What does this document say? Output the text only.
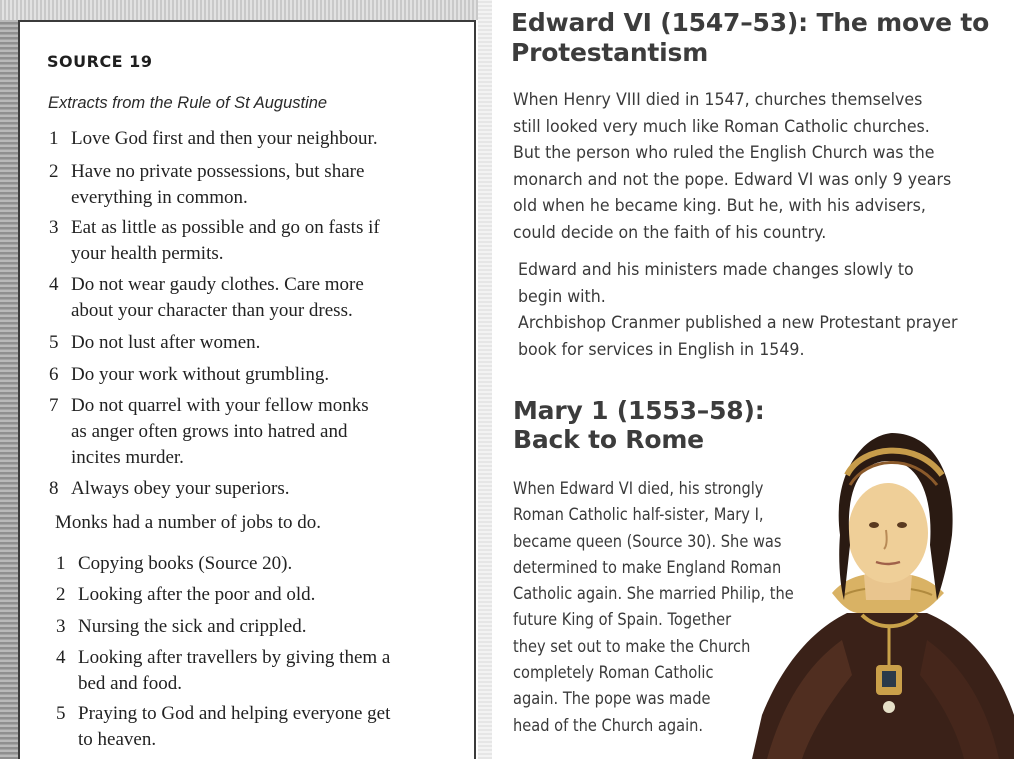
SOURCE 19
Extracts from the Rule of St Augustine
1 Love God first and then your neighbour.
2 Have no private possessions, but share
everything in common.
3 Eat as little as possible and go on fasts if
your health permits.
4 Do not wear gaudy clothes. Care more
about your character than your dress.
5 Do not lust after women.
6 Do your work without grumbling.
7 Do not quarrel with your fellow monks
as anger often grows into hatred and
incites murder.
8 Always obey your superiors.
Monks had a number of jobs to do.
1 Copying books (Source 20).
2 Looking after the poor and old.
3 Nursing the sick and crippled.
4 Looking after travellers by giving them a
bed and food.
5 Praying to God and helping everyone get
to heaven.
Edward VI (1547–53): The move to
Protestantism

When Henry VIII died in 1547, churches themselves
still looked very much like Roman Catholic churches.
But the person who ruled the English Church was the
monarch and not the pope. Edward VI was only 9 years
old when he became king. But he, with his advisers,
could decide on the faith of his country.

Edward and his ministers made changes slowly to
begin with.
Archbishop Cranmer published a new Protestant prayer
book for services in English in 1549.

Mary 1 (1553–58):
Back to Rome

When Edward VI died, his strongly
Roman Catholic half-sister, Mary I,
became queen (Source 30). She was
determined to make England Roman
Catholic again. She married Philip, the
future King of Spain. Together
they set out to make the Church
completely Roman Catholic
again. The pope was made
head of the Church again.
